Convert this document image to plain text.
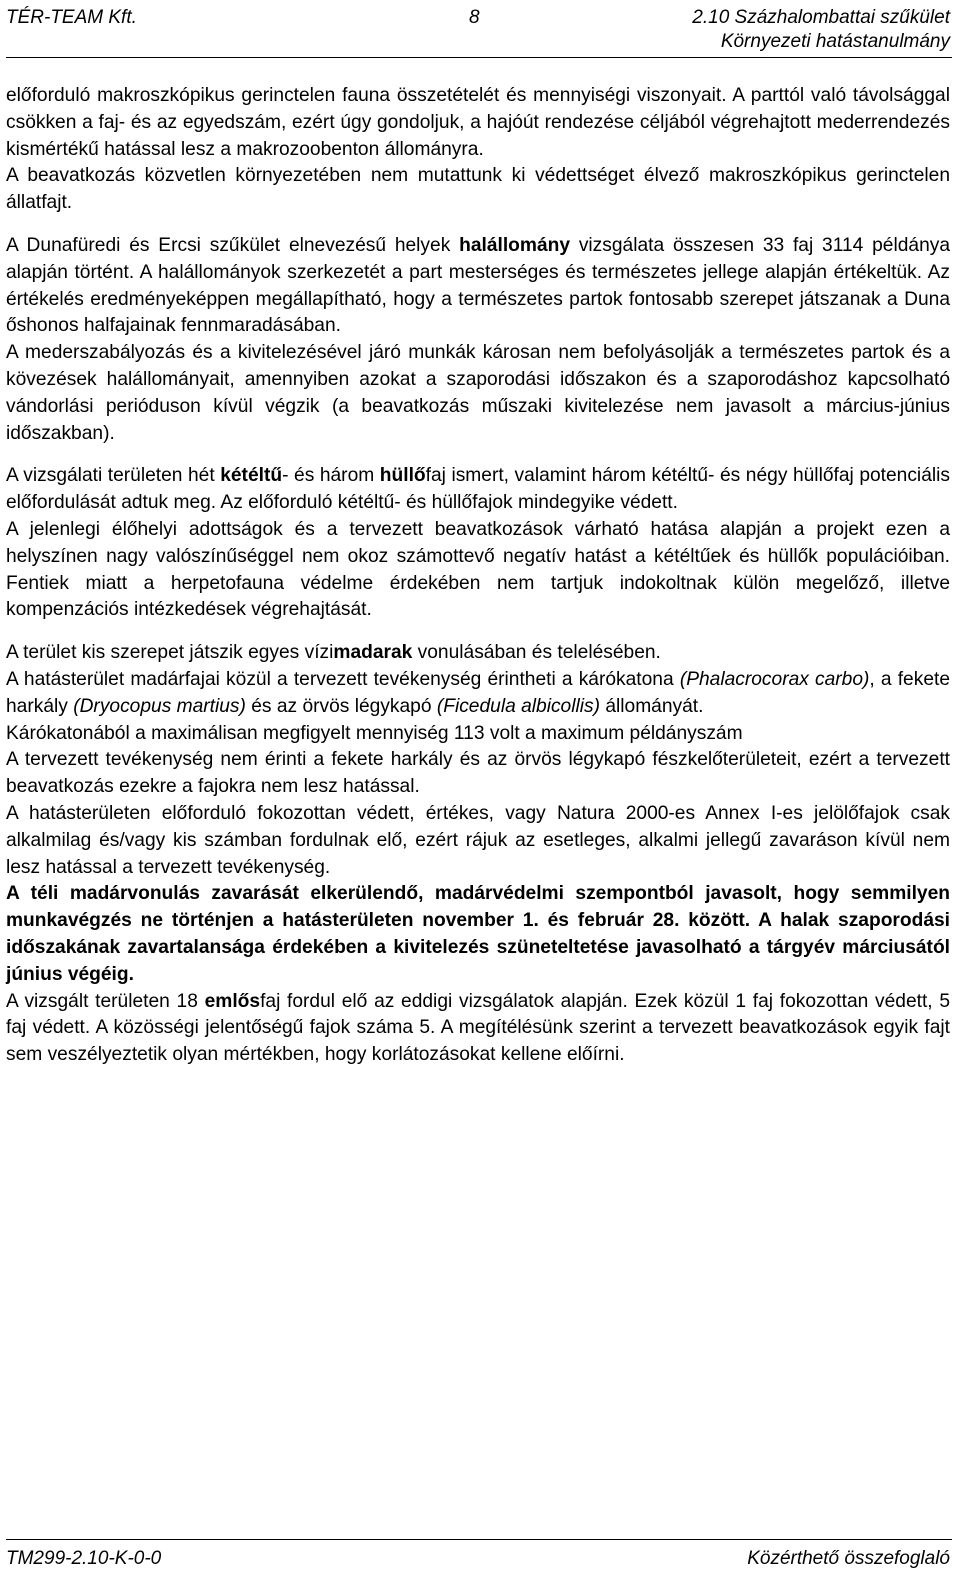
TÉR-TEAM Kft.	8	2.10 Százhalombattai szűkület
Környezeti hatástanulmány

előforduló makroszkópikus gerinctelen fauna összetételét és mennyiségi viszonyait. A parttól való távolsággal csökken a faj- és az egyedszám, ezért úgy gondoljuk, a hajóút rendezése céljából végrehajtott mederrendezés kismértékű hatással lesz a makrozoobenton állományra.

A beavatkozás közvetlen környezetében nem mutattunk ki védettséget élvező makroszkópikus gerinctelen állatfajt.

A Dunafüredi és Ercsi szűkület elnevezésű helyek halállomány vizsgálata összesen 33 faj 3114 példánya alapján történt. A halállományok szerkezetét a part mesterséges és természetes jellege alapján értékeltük. Az értékelés eredményeképpen megállapítható, hogy a természetes partok fontosabb szerepet játszanak a Duna őshonos halfajainak fennmaradásában.

A mederszabályozás és a kivitelezésével járó munkák károsan nem befolyásolják a természetes partok és a kövezések halállományait, amennyiben azokat a szaporodási időszakon és a szaporodáshoz kapcsolható vándorlási perióduson kívül végzik (a beavatkozás műszaki kivitelezése nem javasolt a március-június időszakban).

A vizsgálati területen hét kétéltű- és három hüllőfaj ismert, valamint három kétéltű- és négy hüllőfaj potenciális előfordulását adtuk meg. Az előforduló kétéltű- és hüllőfajok mindegyike védett.

A jelenlegi élőhelyi adottságok és a tervezett beavatkozások várható hatása alapján a projekt ezen a helyszínen nagy valószínűséggel nem okoz számottevő negatív hatást a kétéltűek és hüllők populációiban. Fentiek miatt a herpetofauna védelme érdekében nem tartjuk indokoltnak külön megelőző, illetve kompenzációs intézkedések végrehajtását.

A terület kis szerepet játszik egyes vízimadarak vonulásában és telelésében.

A hatásterület madárfajai közül a tervezett tevékenység érintheti a kárókatona (Phalacrocorax carbo), a fekete harkály (Dryocopus martius) és az örvös légykapó (Ficedula albicollis) állományát.

Kárókatonából a maximálisan megfigyelt mennyiség 113 volt a maximum példányszám

A tervezett tevékenység nem érinti a fekete harkály és az örvös légykapó fészkelőterületeit, ezért a tervezett beavatkozás ezekre a fajokra nem lesz hatással.

A hatásterületen előforduló fokozottan védett, értékes, vagy Natura 2000-es Annex I-es jelölőfajok csak alkalmilag és/vagy kis számban fordulnak elő, ezért rájuk az esetleges, alkalmi jellegű zavaráson kívül nem lesz hatással a tervezett tevékenység.

A téli madárvonulás zavarását elkerülendő, madárvédelmi szempontból javasolt, hogy semmilyen munkavégzés ne történjen a hatásterületen november 1. és február 28. között. A halak szaporodási időszakának zavartalansága érdekében a kivitelezés szüneteltetése javasolható a tárgyév márciusától június végéig.

A vizsgált területen 18 emlősfaj fordul elő az eddigi vizsgálatok alapján. Ezek közül 1 faj fokozottan védett, 5 faj védett. A közösségi jelentőségű fajok száma 5. A megítélésünk szerint a tervezett beavatkozások egyik fajt sem veszélyeztetik olyan mértékben, hogy korlátozásokat kellene előírni.

TM299-2.10-K-0-0	Közérthető összefoglaló
